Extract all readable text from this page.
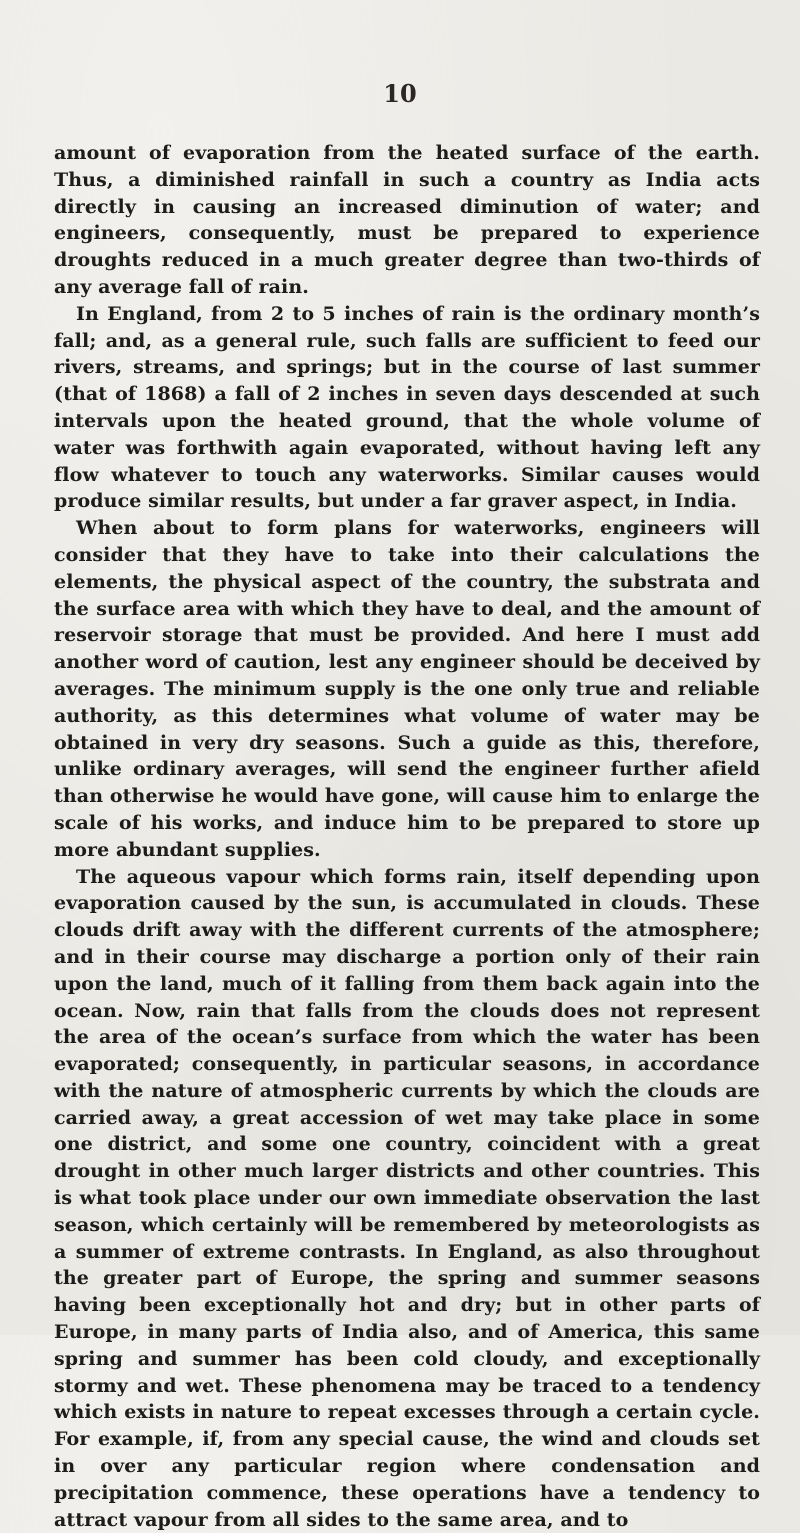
10

amount of evaporation from the heated surface of the earth. Thus, a diminished rainfall in such a country as India acts directly in causing an increased diminution of water; and engineers, consequently, must be prepared to experience droughts reduced in a much greater degree than two-thirds of any average fall of rain.

In England, from 2 to 5 inches of rain is the ordinary month’s fall; and, as a general rule, such falls are sufficient to feed our rivers, streams, and springs; but in the course of last summer (that of 1868) a fall of 2 inches in seven days descended at such intervals upon the heated ground, that the whole volume of water was forthwith again evaporated, without having left any flow whatever to touch any waterworks. Similar causes would produce similar results, but under a far graver aspect, in India.

When about to form plans for waterworks, engineers will consider that they have to take into their calculations the elements, the physical aspect of the country, the substrata and the surface area with which they have to deal, and the amount of reservoir storage that must be provided. And here I must add another word of caution, lest any engineer should be deceived by averages. The minimum supply is the one only true and reliable authority, as this determines what volume of water may be obtained in very dry seasons. Such a guide as this, therefore, unlike ordinary averages, will send the engineer further afield than otherwise he would have gone, will cause him to enlarge the scale of his works, and induce him to be prepared to store up more abundant supplies.

The aqueous vapour which forms rain, itself depending upon evaporation caused by the sun, is accumulated in clouds. These clouds drift away with the different currents of the atmosphere; and in their course may discharge a portion only of their rain upon the land, much of it falling from them back again into the ocean. Now, rain that falls from the clouds does not represent the area of the ocean’s surface from which the water has been evaporated; consequently, in particular seasons, in accordance with the nature of atmospheric currents by which the clouds are carried away, a great accession of wet may take place in some one district, and some one country, coincident with a great drought in other much larger districts and other countries. This is what took place under our own immediate observation the last season, which certainly will be remembered by meteorologists as a summer of extreme contrasts. In England, as also throughout the greater part of Europe, the spring and summer seasons having been exceptionally hot and dry; but in other parts of Europe, in many parts of India also, and of America, this same spring and summer has been cold cloudy, and exceptionally stormy and wet. These phenomena may be traced to a tendency which exists in nature to repeat excesses through a certain cycle. For example, if, from any special cause, the wind and clouds set in over any particular region where condensation and precipitation commence, these operations have a tendency to attract vapour from all sides to the same area, and to
